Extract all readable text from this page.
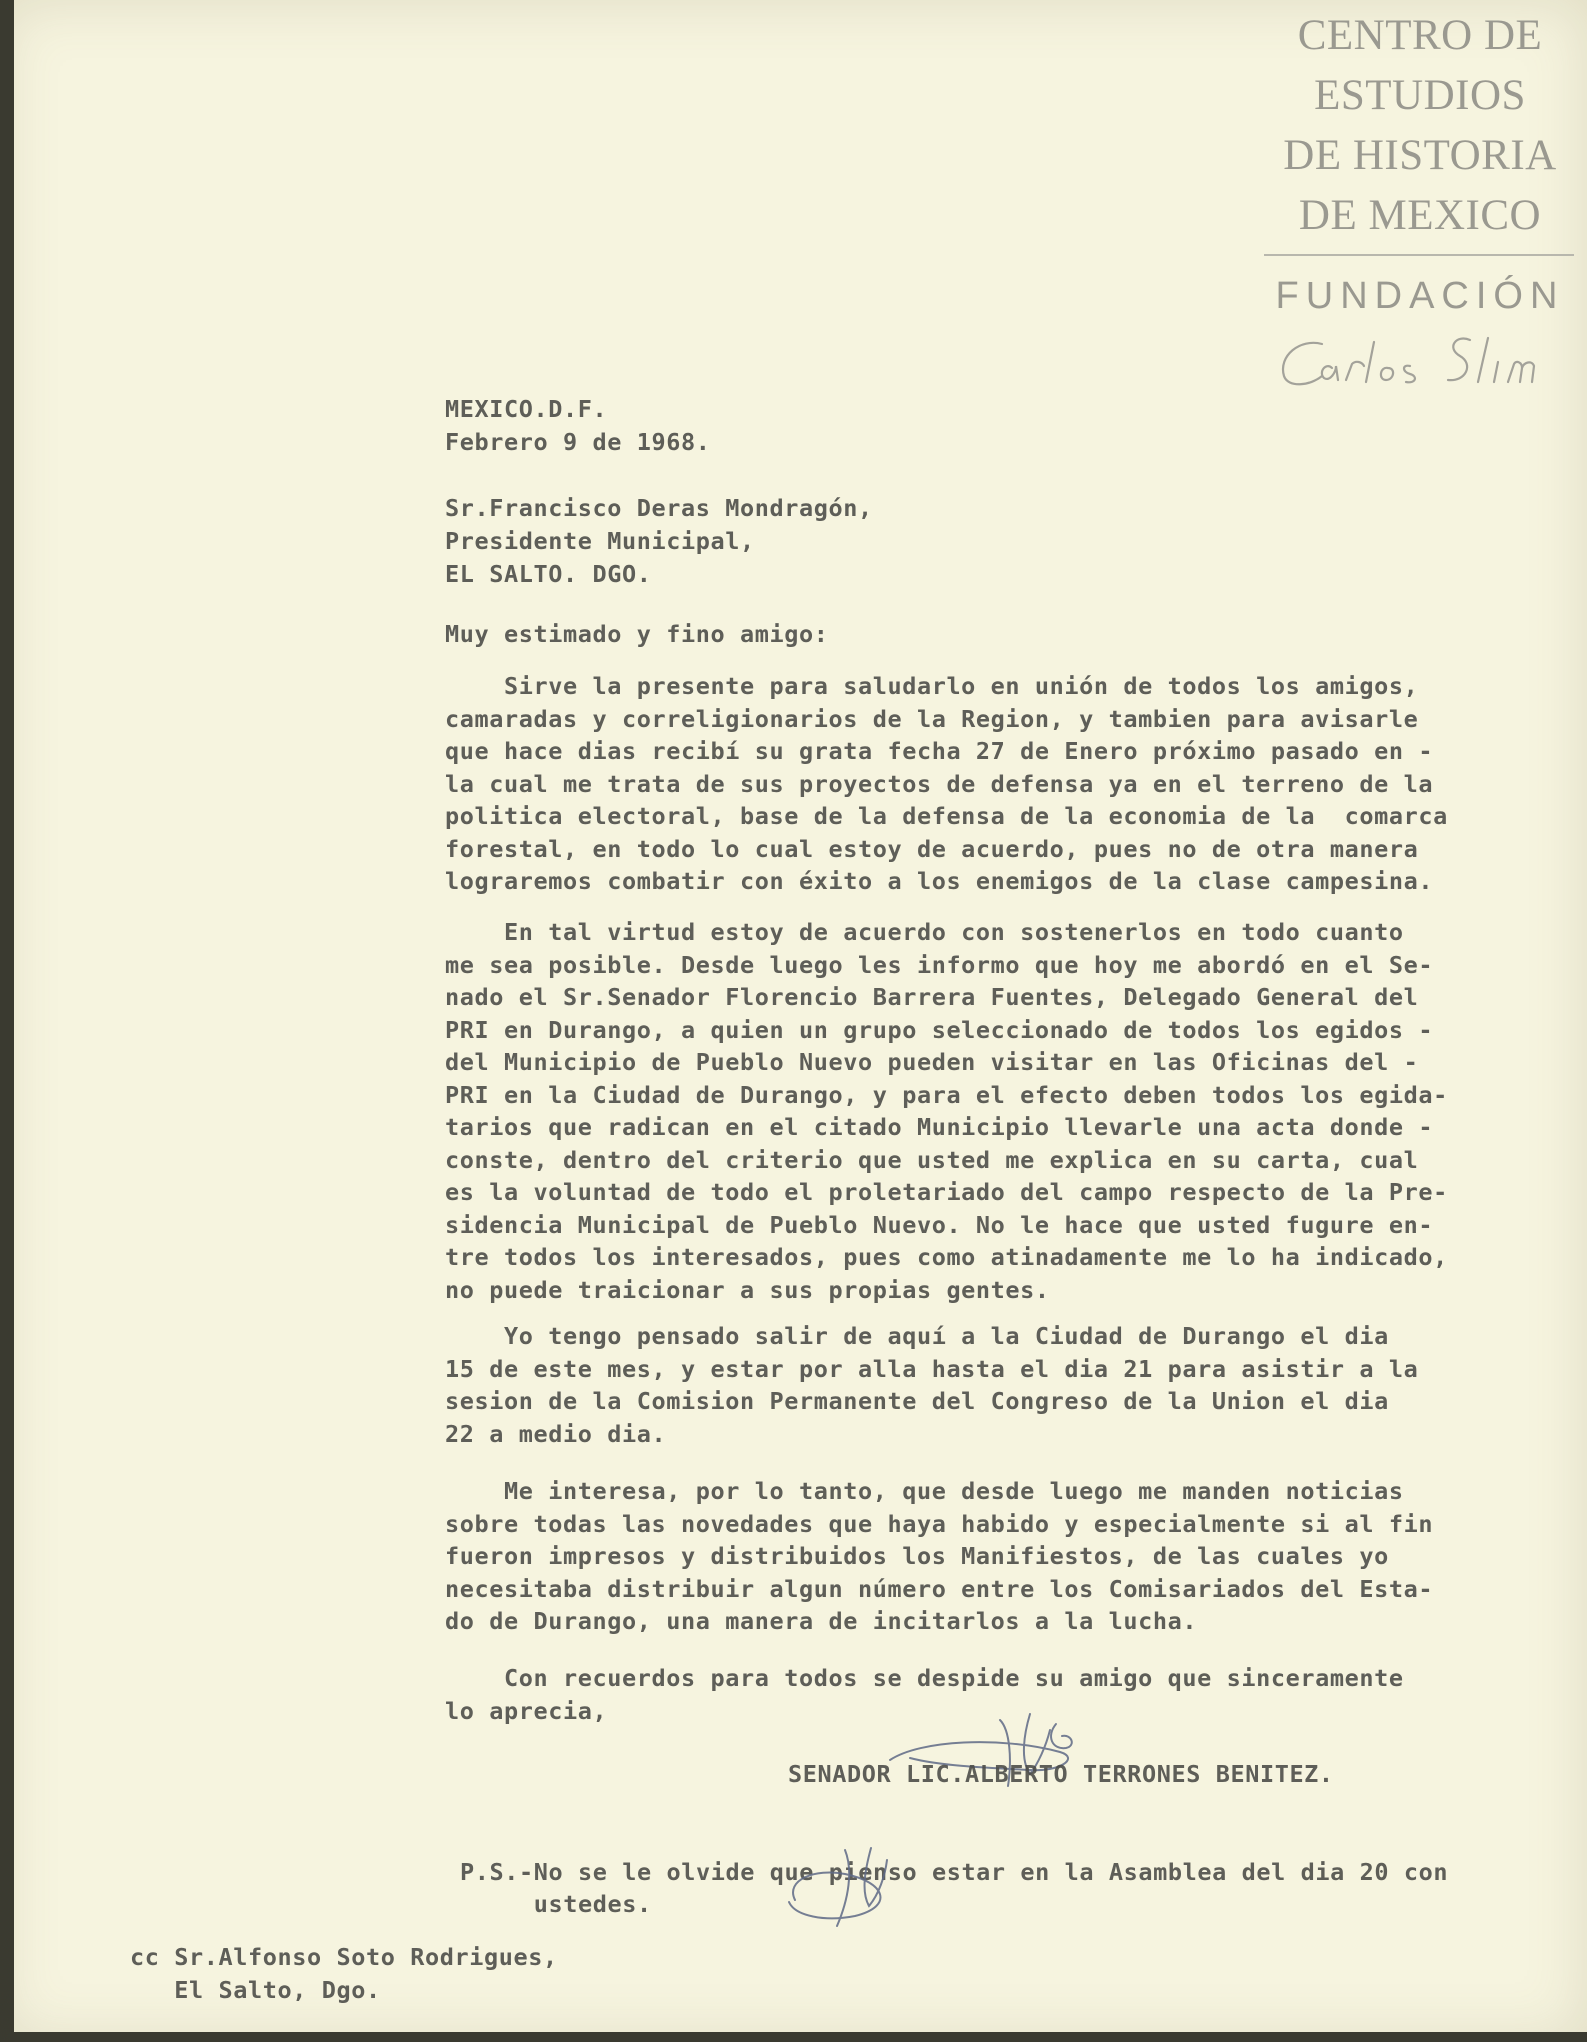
CENTRO DE
ESTUDIOS
DE HISTORIA
DE MEXICO
FUNDACIÓN
MEXICO.D.F.
Febrero 9 de 1968.
Sr.Francisco Deras Mondragón,
Presidente Municipal,
EL SALTO. DGO.
Muy estimado y fino amigo:
Sirve la presente para saludarlo en unión de todos los amigos,
camaradas y correligionarios de la Region, y tambien para avisarle
que hace dias recibí su grata fecha 27 de Enero próximo pasado en -
la cual me trata de sus proyectos de defensa ya en el terreno de la
politica electoral, base de la defensa de la economia de la  comarca
forestal, en todo lo cual estoy de acuerdo, pues no de otra manera
lograremos combatir con éxito a los enemigos de la clase campesina.
En tal virtud estoy de acuerdo con sostenerlos en todo cuanto
me sea posible. Desde luego les informo que hoy me abordó en el Se-
nado el Sr.Senador Florencio Barrera Fuentes, Delegado General del
PRI en Durango, a quien un grupo seleccionado de todos los egidos -
del Municipio de Pueblo Nuevo pueden visitar en las Oficinas del -
PRI en la Ciudad de Durango, y para el efecto deben todos los egida-
tarios que radican en el citado Municipio llevarle una acta donde -
conste, dentro del criterio que usted me explica en su carta, cual
es la voluntad de todo el proletariado del campo respecto de la Pre-
sidencia Municipal de Pueblo Nuevo. No le hace que usted fugure en-
tre todos los interesados, pues como atinadamente me lo ha indicado,
no puede traicionar a sus propias gentes.
Yo tengo pensado salir de aquí a la Ciudad de Durango el dia
15 de este mes, y estar por alla hasta el dia 21 para asistir a la
sesion de la Comision Permanente del Congreso de la Union el dia
22 a medio dia.
Me interesa, por lo tanto, que desde luego me manden noticias
sobre todas las novedades que haya habido y especialmente si al fin
fueron impresos y distribuidos los Manifiestos, de las cuales yo
necesitaba distribuir algun número entre los Comisariados del Esta-
do de Durango, una manera de incitarlos a la lucha.
Con recuerdos para todos se despide su amigo que sinceramente
lo aprecia,
SENADOR LIC.ALBERTO TERRONES BENITEZ.
P.S.-No se le olvide que pienso estar en la Asamblea del dia 20 con
ustedes.
cc Sr.Alfonso Soto Rodrigues,
El Salto, Dgo.
